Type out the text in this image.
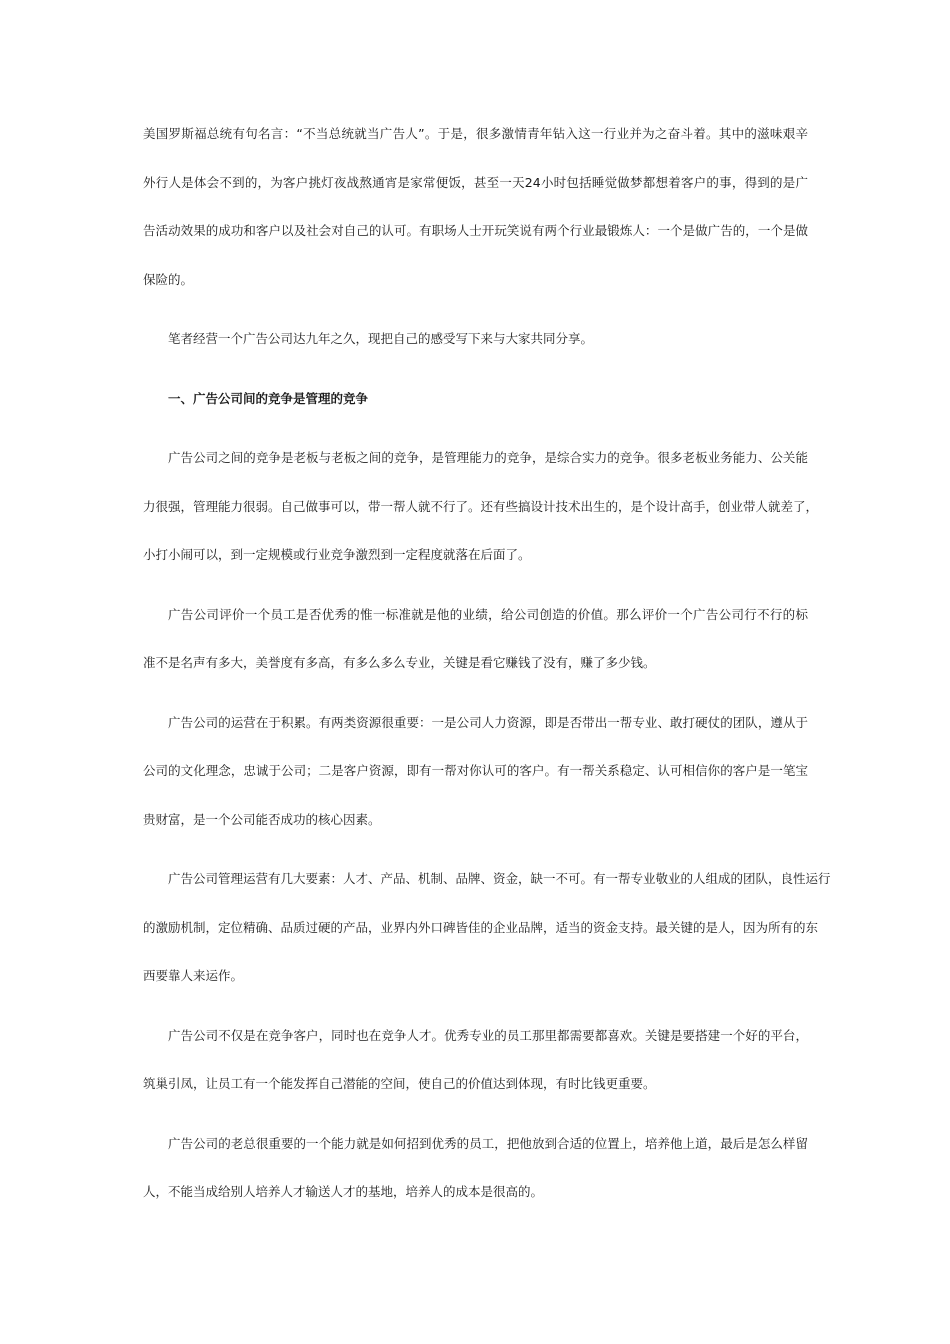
美国罗斯福总统有句名言：“不当总统就当广告人”。于是，很多激情青年钻入这一行业并为之奋斗着。其中的滋味艰辛
外行人是体会不到的，为客户挑灯夜战熬通宵是家常便饭，甚至一天24小时包括睡觉做梦都想着客户的事，得到的是广
告活动效果的成功和客户以及社会对自己的认可。有职场人士开玩笑说有两个行业最锻炼人：一个是做广告的，一个是做
保险的。
笔者经营一个广告公司达九年之久，现把自己的感受写下来与大家共同分享。
一、广告公司间的竞争是管理的竞争
广告公司之间的竞争是老板与老板之间的竞争，是管理能力的竞争，是综合实力的竞争。很多老板业务能力、公关能
力很强，管理能力很弱。自己做事可以，带一帮人就不行了。还有些搞设计技术出生的，是个设计高手，创业带人就差了，
小打小闹可以，到一定规模或行业竞争激烈到一定程度就落在后面了。
广告公司评价一个员工是否优秀的惟一标准就是他的业绩，给公司创造的价值。那么评价一个广告公司行不行的标
准不是名声有多大，美誉度有多高，有多么多么专业，关键是看它赚钱了没有，赚了多少钱。
广告公司的运营在于积累。有两类资源很重要：一是公司人力资源，即是否带出一帮专业、敢打硬仗的团队，遵从于
公司的文化理念，忠诚于公司；二是客户资源，即有一帮对你认可的客户。有一帮关系稳定、认可相信你的客户是一笔宝
贵财富，是一个公司能否成功的核心因素。
广告公司管理运营有几大要素：人才、产品、机制、品牌、资金，缺一不可。有一帮专业敬业的人组成的团队，良性运行
的激励机制，定位精确、品质过硬的产品，业界内外口碑皆佳的企业品牌，适当的资金支持。最关键的是人，因为所有的东
西要靠人来运作。
广告公司不仅是在竞争客户，同时也在竞争人才。优秀专业的员工那里都需要都喜欢。关键是要搭建一个好的平台，
筑巢引凤，让员工有一个能发挥自己潜能的空间，使自己的价值达到体现，有时比钱更重要。
广告公司的老总很重要的一个能力就是如何招到优秀的员工，把他放到合适的位置上，培养他上道，最后是怎么样留
人，不能当成给别人培养人才输送人才的基地，培养人的成本是很高的。
